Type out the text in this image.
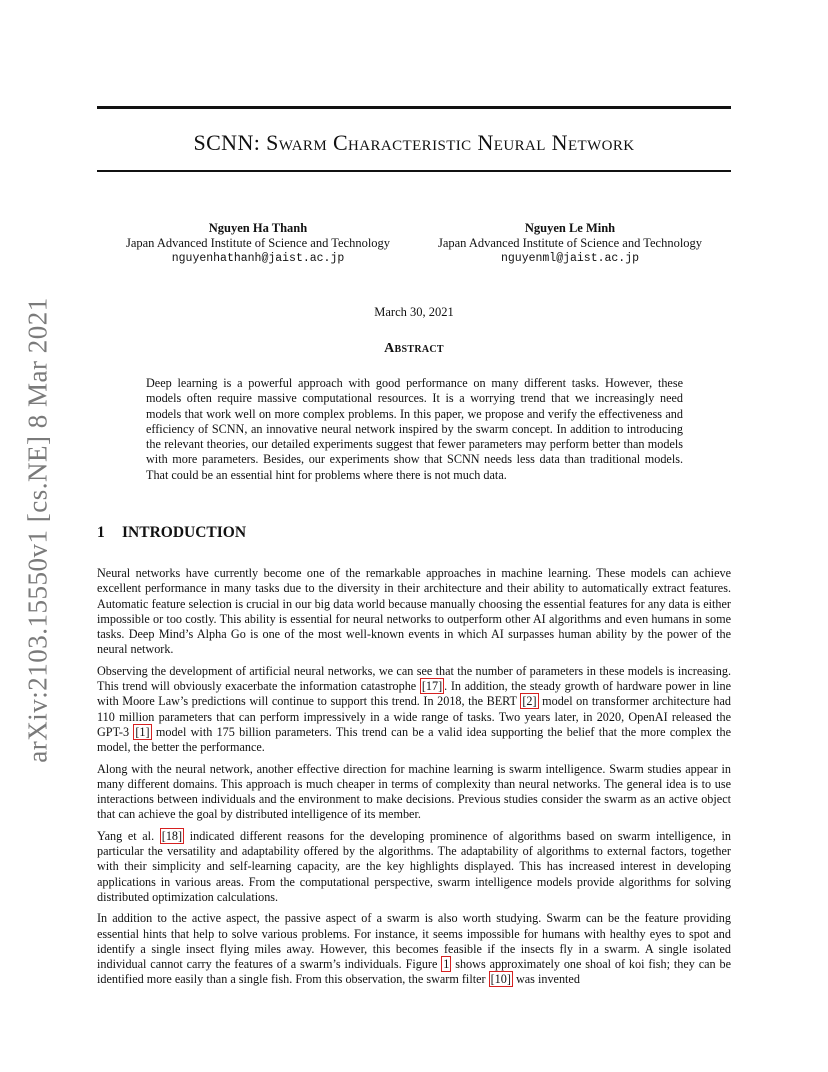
arXiv:2103.15550v1 [cs.NE] 8 Mar 2021
SCNN: Swarm Characteristic Neural Network
Nguyen Ha Thanh
Japan Advanced Institute of Science and Technology
nguyenhathanh@jaist.ac.jp
Nguyen Le Minh
Japan Advanced Institute of Science and Technology
nguyenml@jaist.ac.jp
March 30, 2021
Abstract
Deep learning is a powerful approach with good performance on many different tasks. However, these models often require massive computational resources. It is a worrying trend that we increasingly need models that work well on more complex problems. In this paper, we propose and verify the effectiveness and efficiency of SCNN, an innovative neural network inspired by the swarm concept. In addition to introducing the relevant theories, our detailed experiments suggest that fewer parameters may perform better than models with more parameters. Besides, our experiments show that SCNN needs less data than traditional models. That could be an essential hint for problems where there is not much data.
1 INTRODUCTION

Neural networks have currently become one of the remarkable approaches in machine learning. These models can achieve excellent performance in many tasks due to the diversity in their architecture and their ability to automatically extract features. Automatic feature selection is crucial in our big data world because manually choosing the essential features for any data is either impossible or too costly. This ability is essential for neural networks to outperform other AI algorithms and even humans in some tasks. Deep Mind’s Alpha Go is one of the most well-known events in which AI surpasses human ability by the power of the neural network.

Observing the development of artificial neural networks, we can see that the number of parameters in these models is increasing. This trend will obviously exacerbate the information catastrophe [17] . In addition, the steady growth of hardware power in line with Moore Law’s predictions will continue to support this trend. In 2018, the BERT [2] model on transformer architecture had 110 million parameters that can perform impressively in a wide range of tasks. Two years later, in 2020, OpenAI released the GPT-3 [1] model with 175 billion parameters. This trend can be a valid idea supporting the belief that the more complex the model, the better the performance.

Along with the neural network, another effective direction for machine learning is swarm intelligence. Swarm studies appear in many different domains. This approach is much cheaper in terms of complexity than neural networks. The general idea is to use interactions between individuals and the environment to make decisions. Previous studies consider the swarm as an active object that can achieve the goal by distributed intelligence of its member.

Yang et al. [18] indicated different reasons for the developing prominence of algorithms based on swarm intelligence, in particular the versatility and adaptability offered by the algorithms. The adaptability of algorithms to external factors, together with their simplicity and self-learning capacity, are the key highlights displayed. This has increased interest in developing applications in various areas. From the computational perspective, swarm intelligence models provide algorithms for solving distributed optimization calculations.

In addition to the active aspect, the passive aspect of a swarm is also worth studying. Swarm can be the feature providing essential hints that help to solve various problems. For instance, it seems impossible for humans with healthy eyes to spot and identify a single insect flying miles away. However, this becomes feasible if the insects fly in a swarm. A single isolated individual cannot carry the features of a swarm’s individuals. Figure 1 shows approximately one shoal of koi fish; they can be identified more easily than a single fish. From this observation, the swarm filter [10] was invented
